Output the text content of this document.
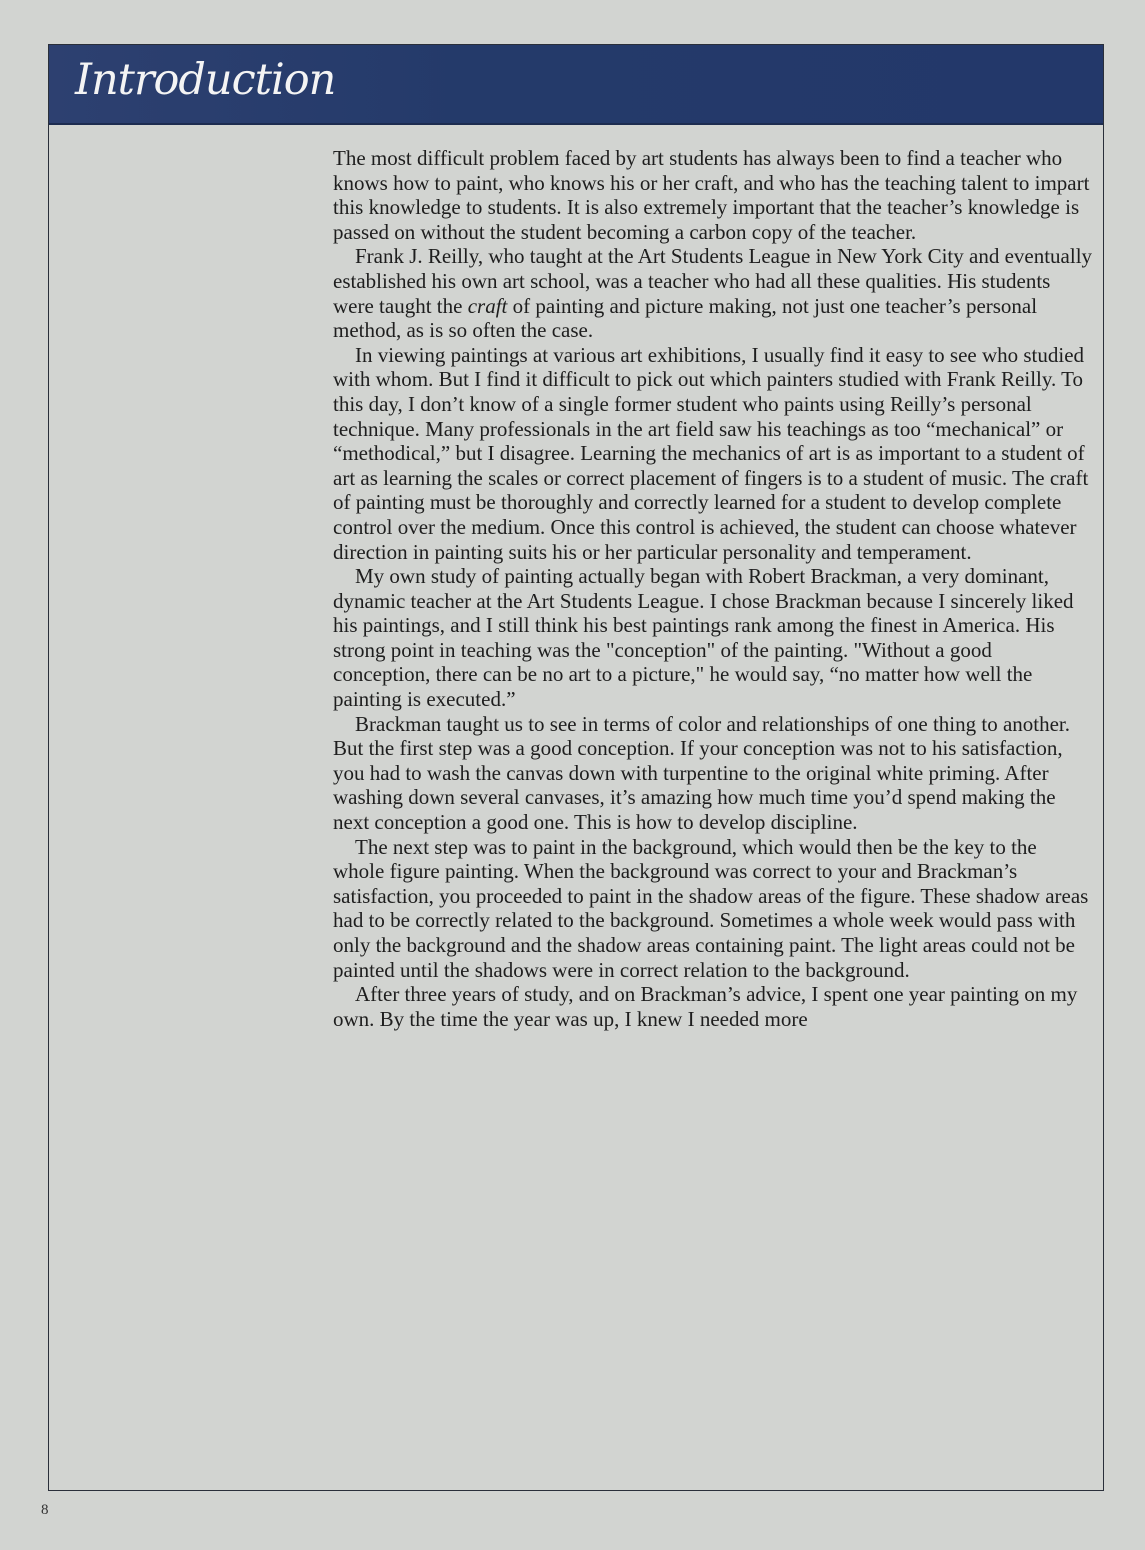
Introduction

The most difficult problem faced by art students has always been to find a teacher who knows how to paint, who knows his or her craft, and who has the teaching talent to impart this knowledge to students. It is also extremely important that the teacher’s knowledge is passed on without the student becoming a carbon copy of the teacher.

Frank J. Reilly, who taught at the Art Students League in New York City and eventually established his own art school, was a teacher who had all these qualities. His students were taught the craft of painting and picture making, not just one teacher’s personal method, as is so often the case.

In viewing paintings at various art exhibitions, I usually find it easy to see who studied with whom. But I find it difficult to pick out which painters studied with Frank Reilly. To this day, I don’t know of a single former student who paints using Reilly’s personal technique. Many professionals in the art field saw his teachings as too “mechanical” or “methodical,” but I disagree. Learning the mechanics of art is as important to a student of art as learning the scales or correct placement of fingers is to a student of music. The craft of painting must be thoroughly and correctly learned for a student to develop complete control over the medium. Once this control is achieved, the student can choose whatever direction in painting suits his or her particular personality and temperament.

My own study of painting actually began with Robert Brackman, a very dominant, dynamic teacher at the Art Students League. I chose Brackman because I sincerely liked his paintings, and I still think his best paintings rank among the finest in America. His strong point in teaching was the "conception" of the painting. "Without a good conception, there can be no art to a picture," he would say, “no matter how well the painting is executed.”

Brackman taught us to see in terms of color and relationships of one thing to another. But the first step was a good conception. If your conception was not to his satisfaction, you had to wash the canvas down with turpentine to the original white priming. After washing down several canvases, it’s amazing how much time you’d spend making the next conception a good one. This is how to develop discipline.

The next step was to paint in the background, which would then be the key to the whole figure painting. When the background was correct to your and Brackman’s satisfaction, you proceeded to paint in the shadow areas of the figure. These shadow areas had to be correctly related to the background. Sometimes a whole week would pass with only the background and the shadow areas containing paint. The light areas could not be painted until the shadows were in correct relation to the background.

After three years of study, and on Brackman’s advice, I spent one year painting on my own. By the time the year was up, I knew I needed more

8
